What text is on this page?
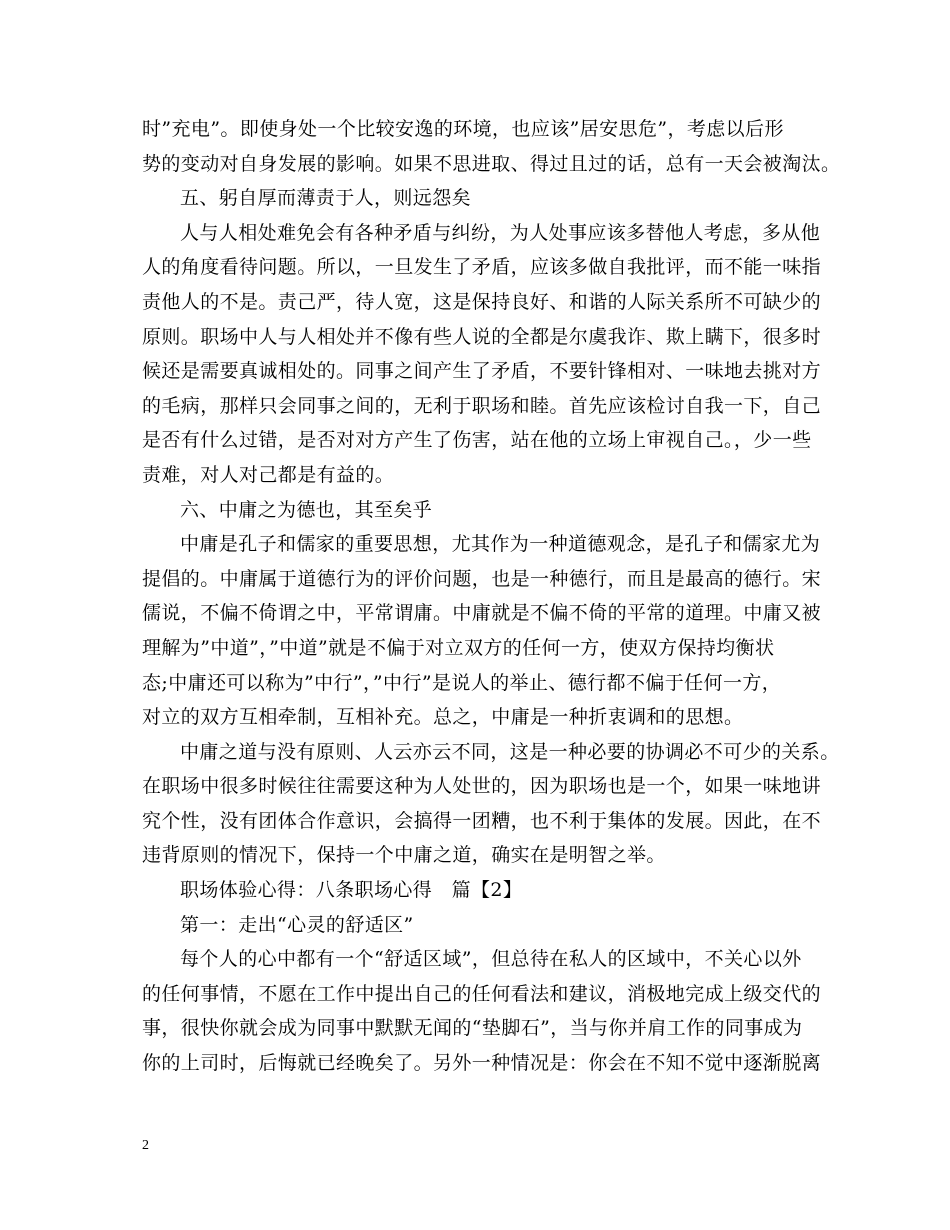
时”充电”。即使身处一个比较安逸的环境，也应该”居安思危”，考虑以后形
势的变动对自身发展的影响。如果不思进取、得过且过的话，总有一天会被淘汰。
五、躬自厚而薄责于人，则远怨矣
人与人相处难免会有各种矛盾与纠纷，为人处事应该多替他人考虑，多从他
人的角度看待问题。所以，一旦发生了矛盾，应该多做自我批评，而不能一味指
责他人的不是。责己严，待人宽，这是保持良好、和谐的人际关系所不可缺少的
原则。职场中人与人相处并不像有些人说的全都是尔虞我诈、欺上瞒下，很多时
候还是需要真诚相处的。同事之间产生了矛盾，不要针锋相对、一味地去挑对方
的毛病，那样只会同事之间的，无利于职场和睦。首先应该检讨自我一下，自己
是否有什么过错，是否对对方产生了伤害，站在他的立场上审视自己。，少一些
责难，对人对己都是有益的。
六、中庸之为德也，其至矣乎
中庸是孔子和儒家的重要思想，尤其作为一种道德观念，是孔子和儒家尤为
提倡的。中庸属于道德行为的评价问题，也是一种德行，而且是最高的德行。宋
儒说，不偏不倚谓之中，平常谓庸。中庸就是不偏不倚的平常的道理。中庸又被
理解为”中道”，”中道”就是不偏于对立双方的任何一方，使双方保持均衡状
态;中庸还可以称为”中行”，”中行”是说人的举止、德行都不偏于任何一方，
对立的双方互相牵制，互相补充。总之，中庸是一种折衷调和的思想。
中庸之道与没有原则、人云亦云不同，这是一种必要的协调必不可少的关系。
在职场中很多时候往往需要这种为人处世的，因为职场也是一个，如果一味地讲
究个性，没有团体合作意识，会搞得一团糟，也不利于集体的发展。因此，在不
违背原则的情况下，保持一个中庸之道，确实在是明智之举。
职场体验心得：八条职场心得　篇【2】
第一：走出“心灵的舒适区”
每个人的心中都有一个“舒适区域”，但总待在私人的区域中，不关心以外
的任何事情，不愿在工作中提出自己的任何看法和建议，消极地完成上级交代的
事，很快你就会成为同事中默默无闻的“垫脚石”，当与你并肩工作的同事成为
你的上司时，后悔就已经晚矣了。另外一种情况是：你会在不知不觉中逐渐脱离
2
